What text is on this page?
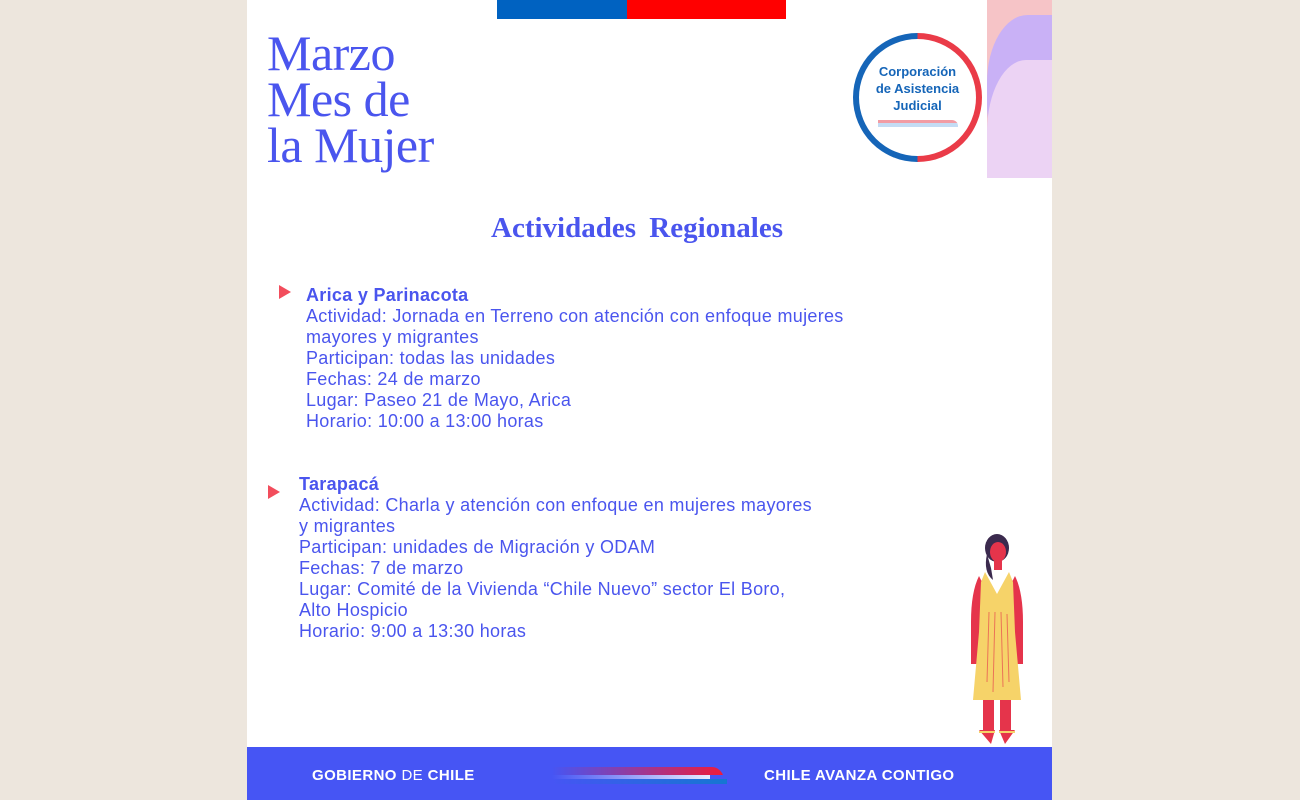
Marzo
Mes de
la Mujer
Corporación
de Asistencia
Judicial
Actividades Regionales
Arica y Parinacota
Actividad: Jornada en Terreno con atención con enfoque mujeres
mayores y migrantes
Participan: todas las unidades
Fechas: 24 de marzo
Lugar: Paseo 21 de Mayo, Arica
Horario: 10:00 a 13:00 horas
Tarapacá
Actividad: Charla y atención con enfoque en mujeres mayores
y migrantes
Participan: unidades de Migración y ODAM
Fechas: 7 de marzo
Lugar: Comité de la Vivienda “Chile Nuevo” sector El Boro,
Alto Hospicio
Horario: 9:00 a 13:30 horas
GOBIERNO DE CHILE	CHILE AVANZA CONTIGO
